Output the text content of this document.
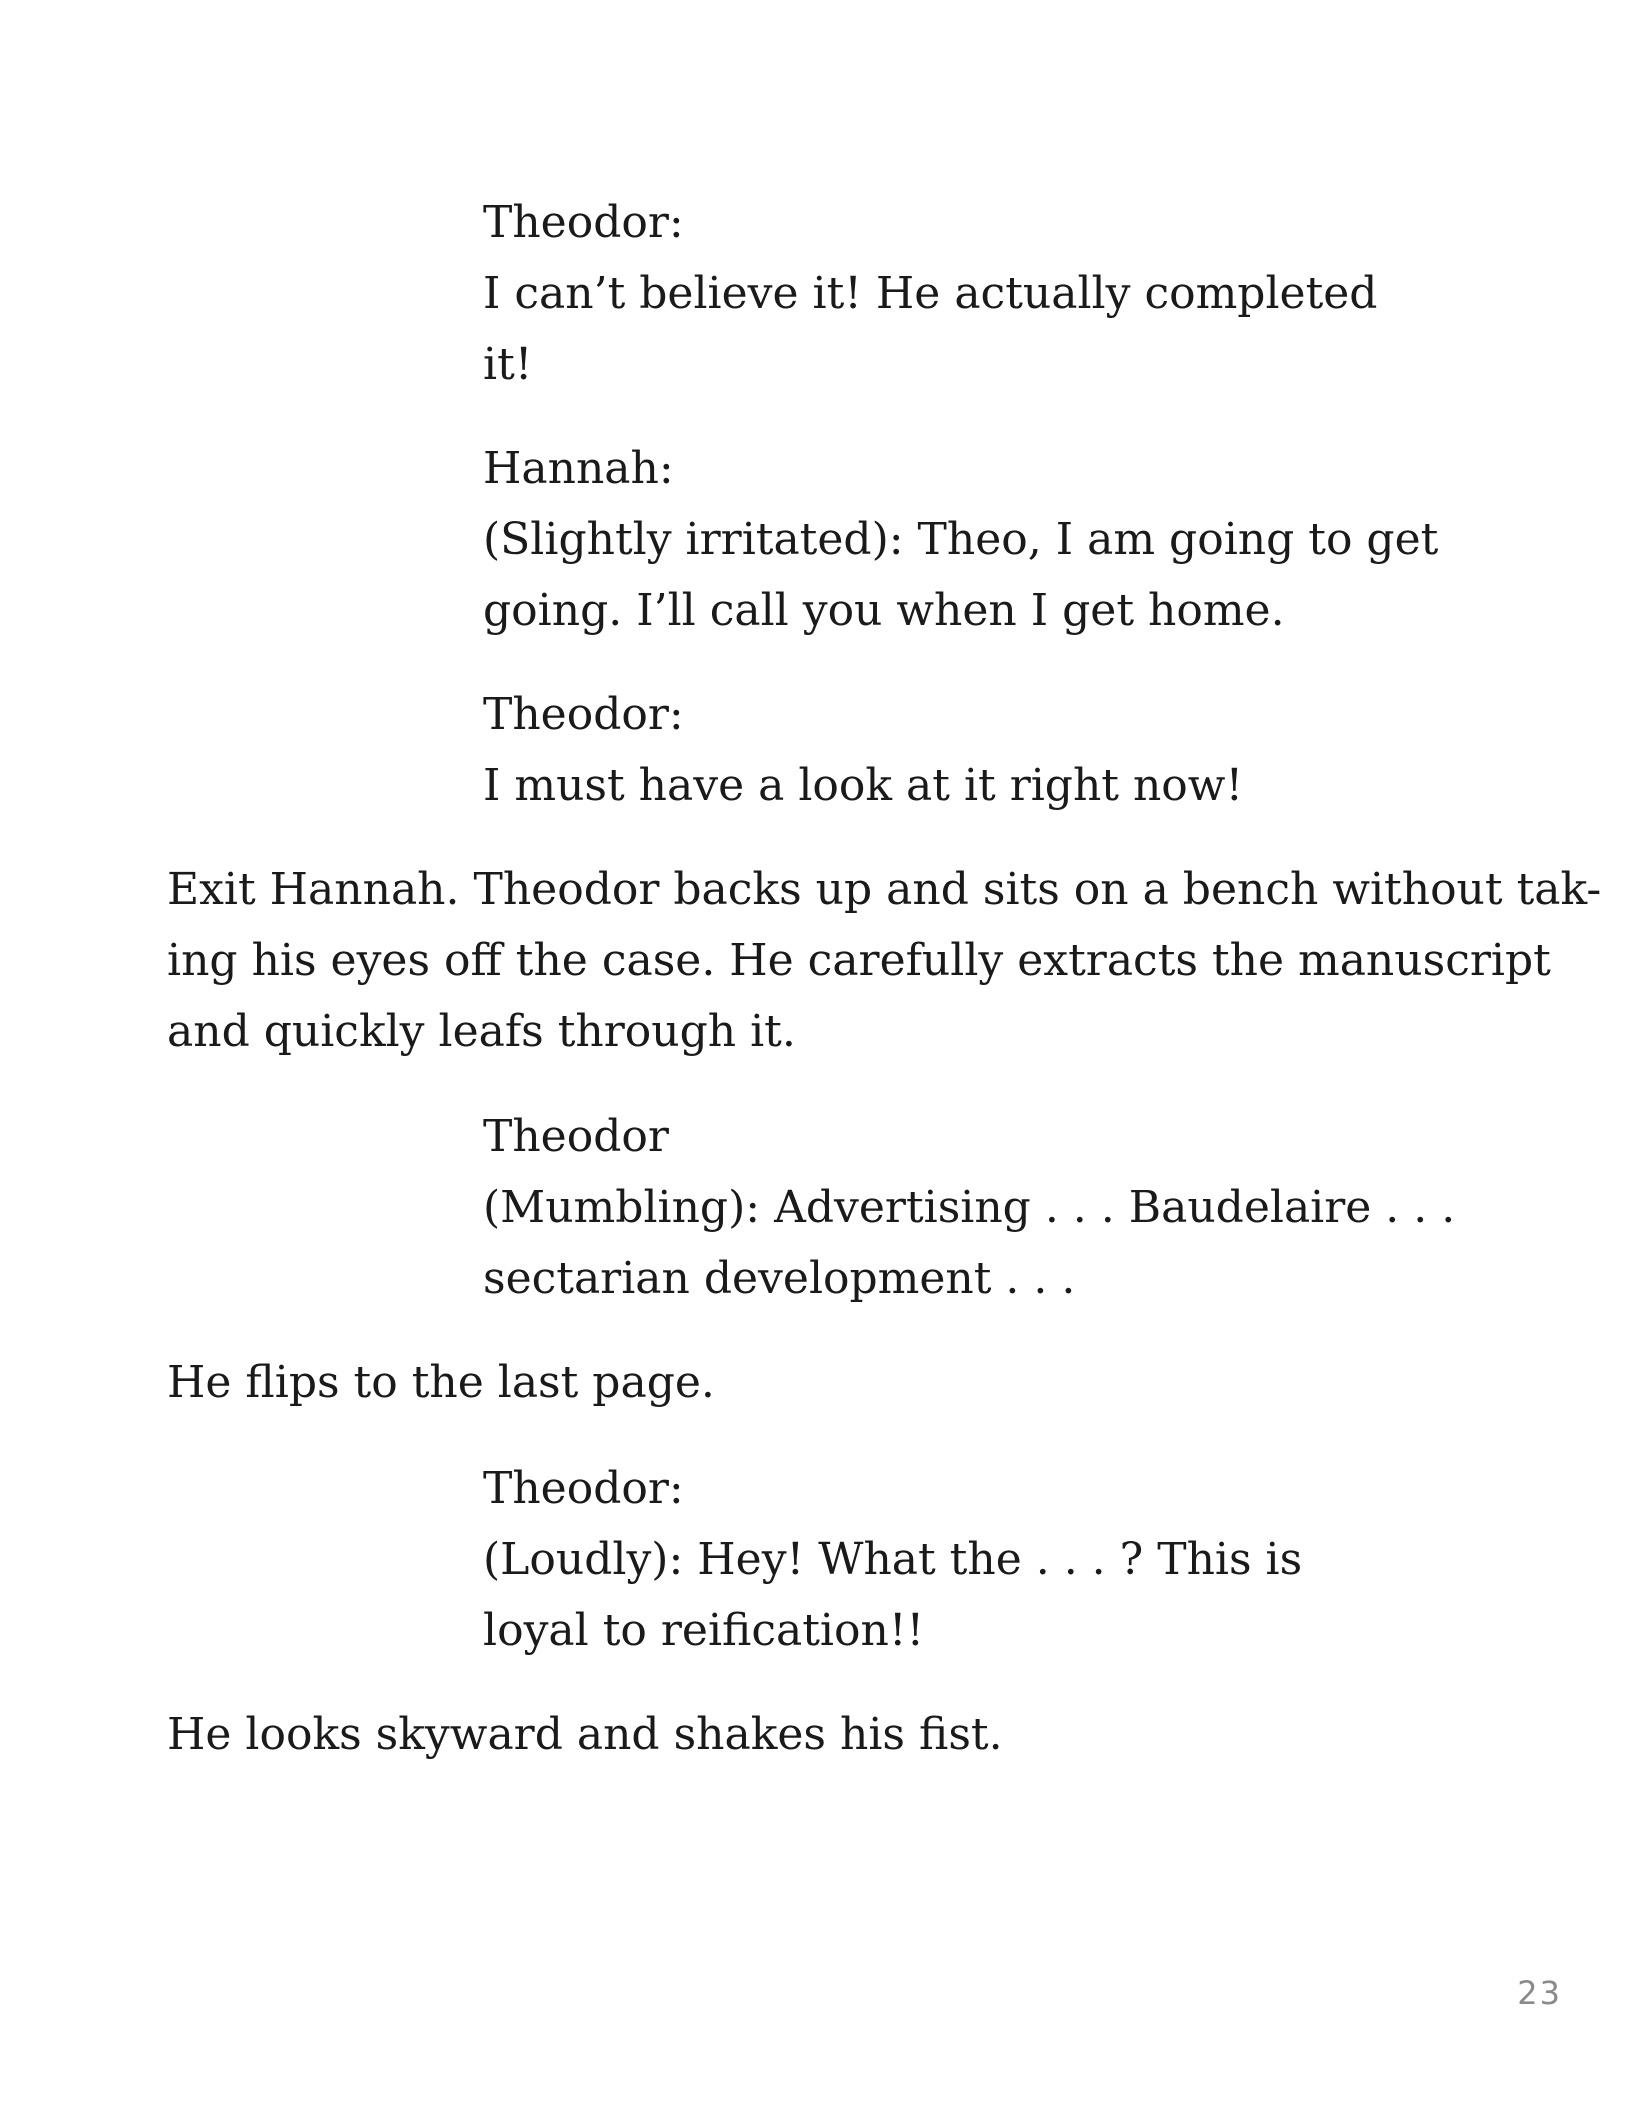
Theodor:
I can’t believe it! He actually completed
it!
Hannah:
(Slightly irritated): Theo, I am going to get
going. I’ll call you when I get home.
Theodor:
I must have a look at it right now!
Exit Hannah. Theodor backs up and sits on a bench without tak-
ing his eyes off the case. He carefully extracts the manuscript
and quickly leafs through it.
Theodor
(Mumbling): Advertising . . . Baudelaire . . .
sectarian development . . .
He flips to the last page.
Theodor:
(Loudly): Hey! What the . . . ? This is
loyal to reification!!
He looks skyward and shakes his fist.
23
